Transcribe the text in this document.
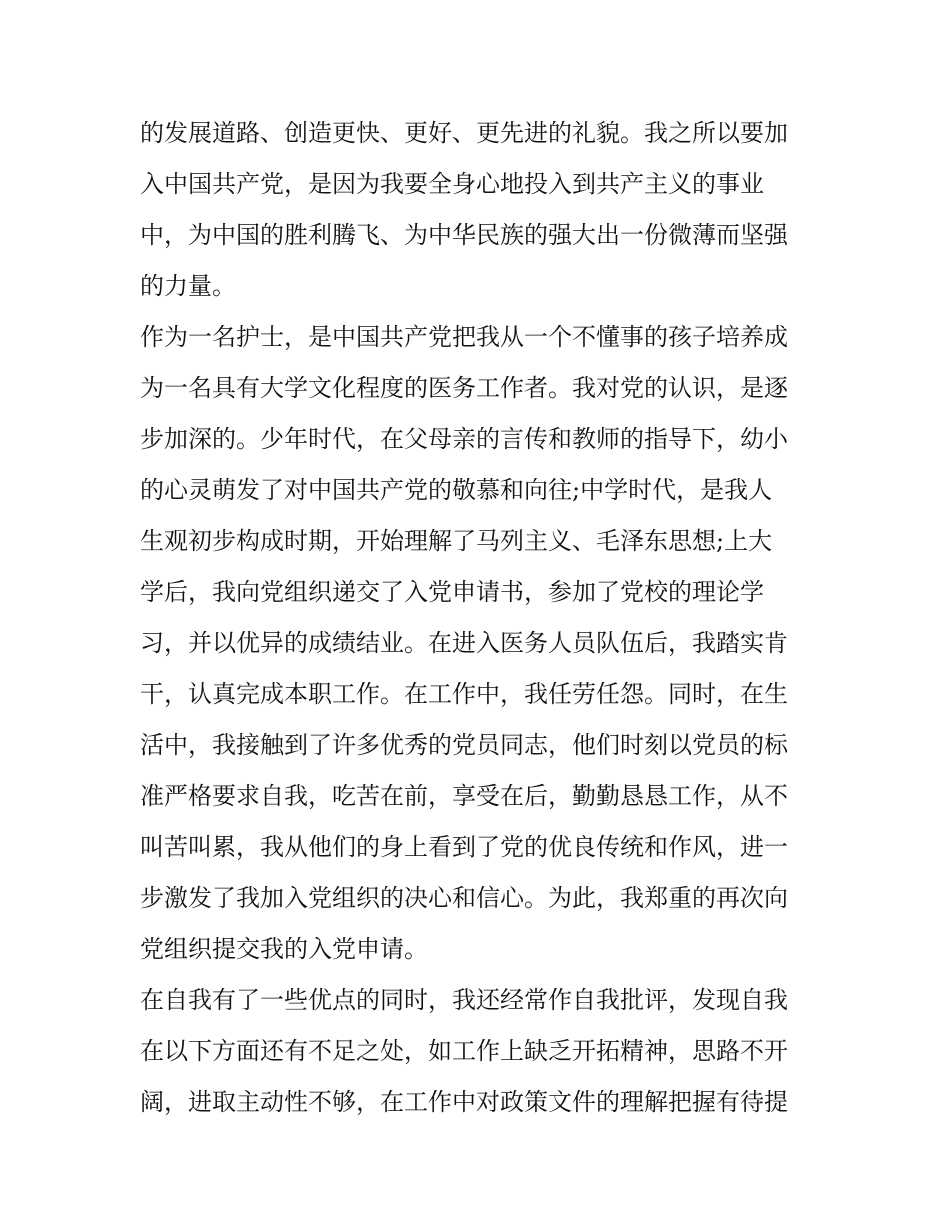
的发展道路、创造更快、更好、更先进的礼貌。我之所以要加
入中国共产党，是因为我要全身心地投入到共产主义的事业
中，为中国的胜利腾飞、为中华民族的强大出一份微薄而坚强
的力量。
作为一名护士，是中国共产党把我从一个不懂事的孩子培养成
为一名具有大学文化程度的医务工作者。我对党的认识，是逐
步加深的。少年时代，在父母亲的言传和教师的指导下，幼小
的心灵萌发了对中国共产党的敬慕和向往;中学时代，是我人
生观初步构成时期，开始理解了马列主义、毛泽东思想;上大
学后，我向党组织递交了入党申请书，参加了党校的理论学
习，并以优异的成绩结业。在进入医务人员队伍后，我踏实肯
干，认真完成本职工作。在工作中，我任劳任怨。同时，在生
活中，我接触到了许多优秀的党员同志，他们时刻以党员的标
准严格要求自我，吃苦在前，享受在后，勤勤恳恳工作，从不
叫苦叫累，我从他们的身上看到了党的优良传统和作风，进一
步激发了我加入党组织的决心和信心。为此，我郑重的再次向
党组织提交我的入党申请。
在自我有了一些优点的同时，我还经常作自我批评，发现自我
在以下方面还有不足之处，如工作上缺乏开拓精神，思路不开
阔，进取主动性不够，在工作中对政策文件的理解把握有待提
